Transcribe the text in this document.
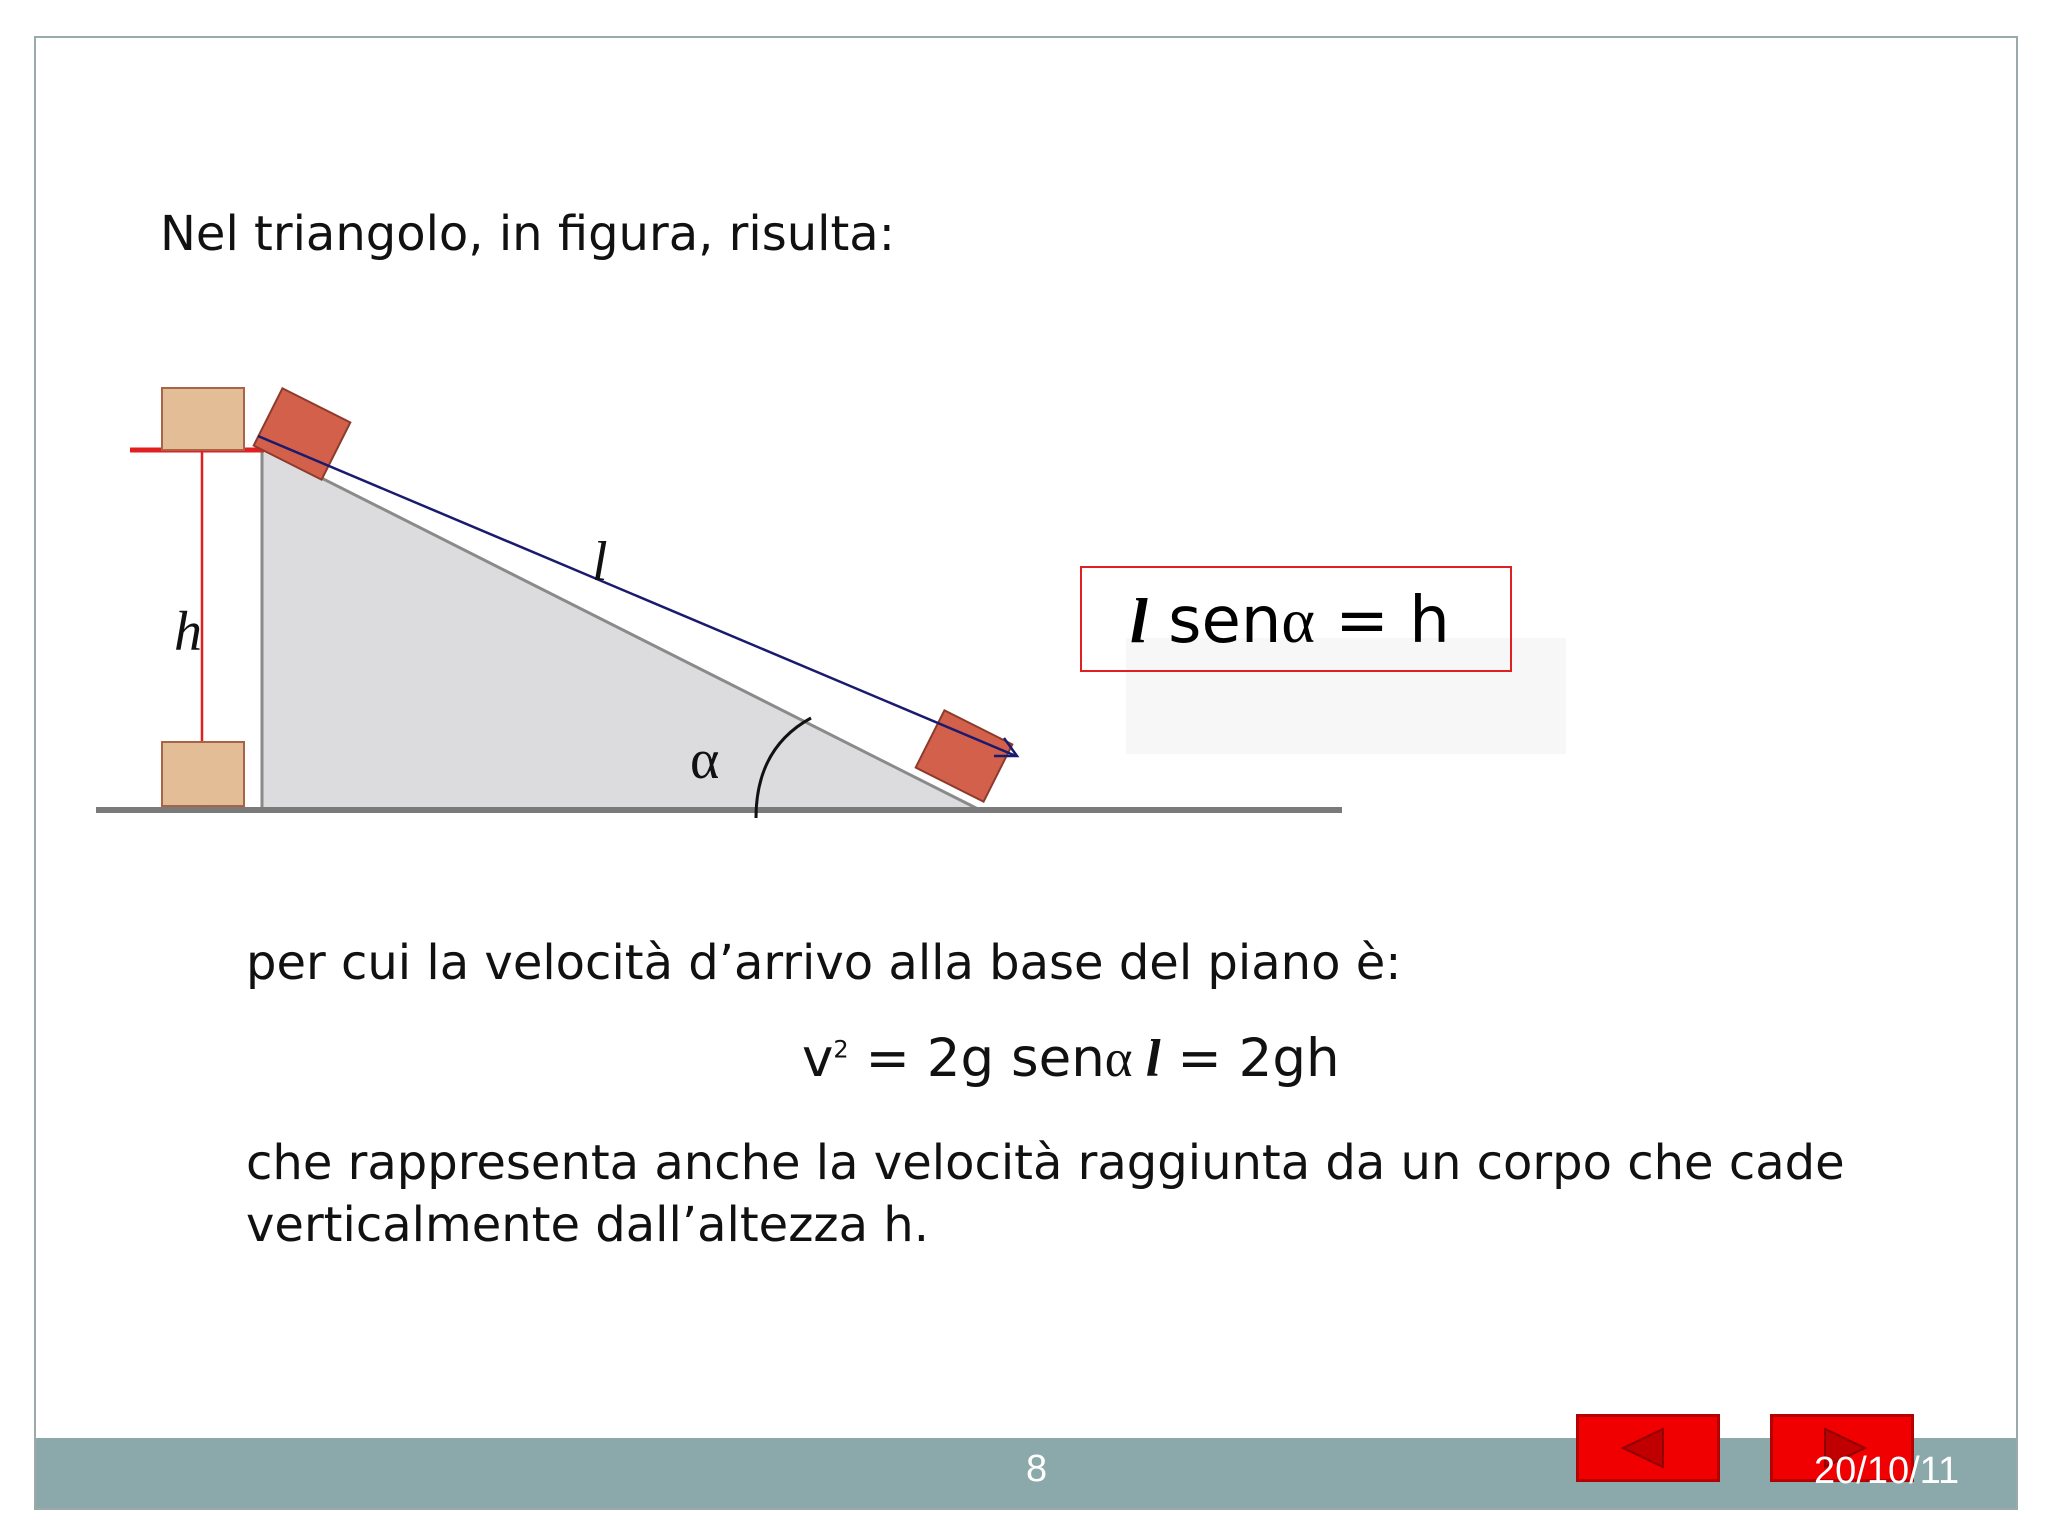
Nel triangolo, in figura, risulta:
l
h
α
l senα = h
per cui la velocità d’arrivo alla base del piano è:
$v^2 = 2g$ senα l = 2gh
che rappresenta anche la velocità raggiunta da un corpo che cade
verticalmente dall’altezza h.
8	20/10/11
